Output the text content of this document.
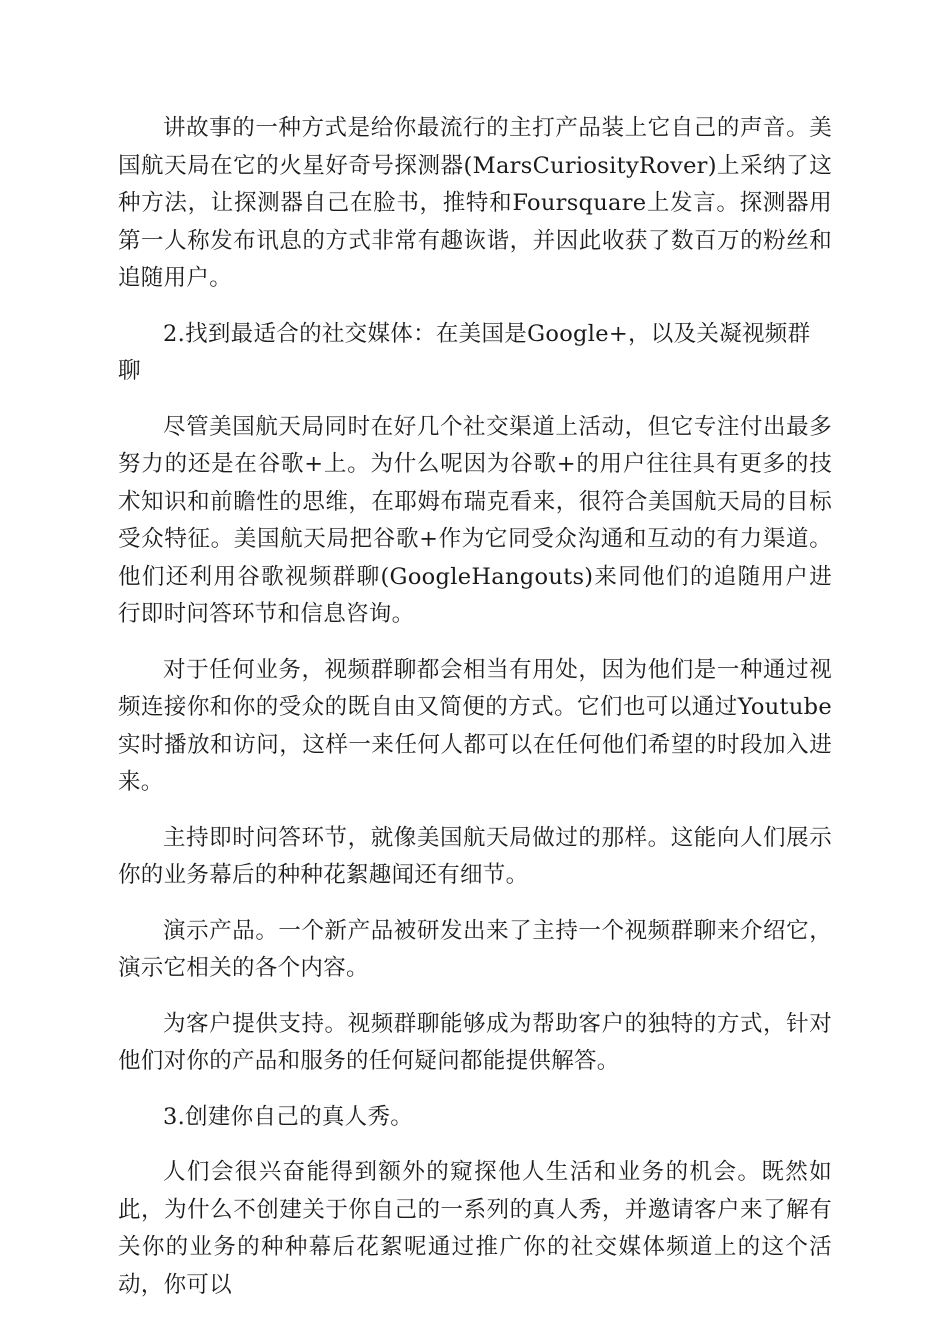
讲故事的一种方式是给你最流行的主打产品装上它自己的声音。美国航天局在它的火星好奇号探测器(MarsCuriosityRover)上采纳了这种方法，让探测器自己在脸书，推特和Foursquare上发言。探测器用第一人称发布讯息的方式非常有趣诙谐，并因此收获了数百万的粉丝和追随用户。

2.找到最适合的社交媒体：在美国是Google+，以及关凝视频群聊

尽管美国航天局同时在好几个社交渠道上活动，但它专注付出最多努力的还是在谷歌+上。为什么呢因为谷歌+的用户往往具有更多的技术知识和前瞻性的思维，在耶姆布瑞克看来，很符合美国航天局的目标受众特征。美国航天局把谷歌+作为它同受众沟通和互动的有力渠道。他们还利用谷歌视频群聊(GoogleHangouts)来同他们的追随用户进行即时问答环节和信息咨询。

对于任何业务，视频群聊都会相当有用处，因为他们是一种通过视频连接你和你的受众的既自由又简便的方式。它们也可以通过Youtube实时播放和访问，这样一来任何人都可以在任何他们希望的时段加入进来。

主持即时问答环节，就像美国航天局做过的那样。这能向人们展示你的业务幕后的种种花絮趣闻还有细节。

演示产品。一个新产品被研发出来了主持一个视频群聊来介绍它，演示它相关的各个内容。

为客户提供支持。视频群聊能够成为帮助客户的独特的方式，针对他们对你的产品和服务的任何疑问都能提供解答。

3.创建你自己的真人秀。

人们会很兴奋能得到额外的窥探他人生活和业务的机会。既然如此，为什么不创建关于你自己的一系列的真人秀，并邀请客户来了解有关你的业务的种种幕后花絮呢通过推广你的社交媒体频道上的这个活动，你可以
